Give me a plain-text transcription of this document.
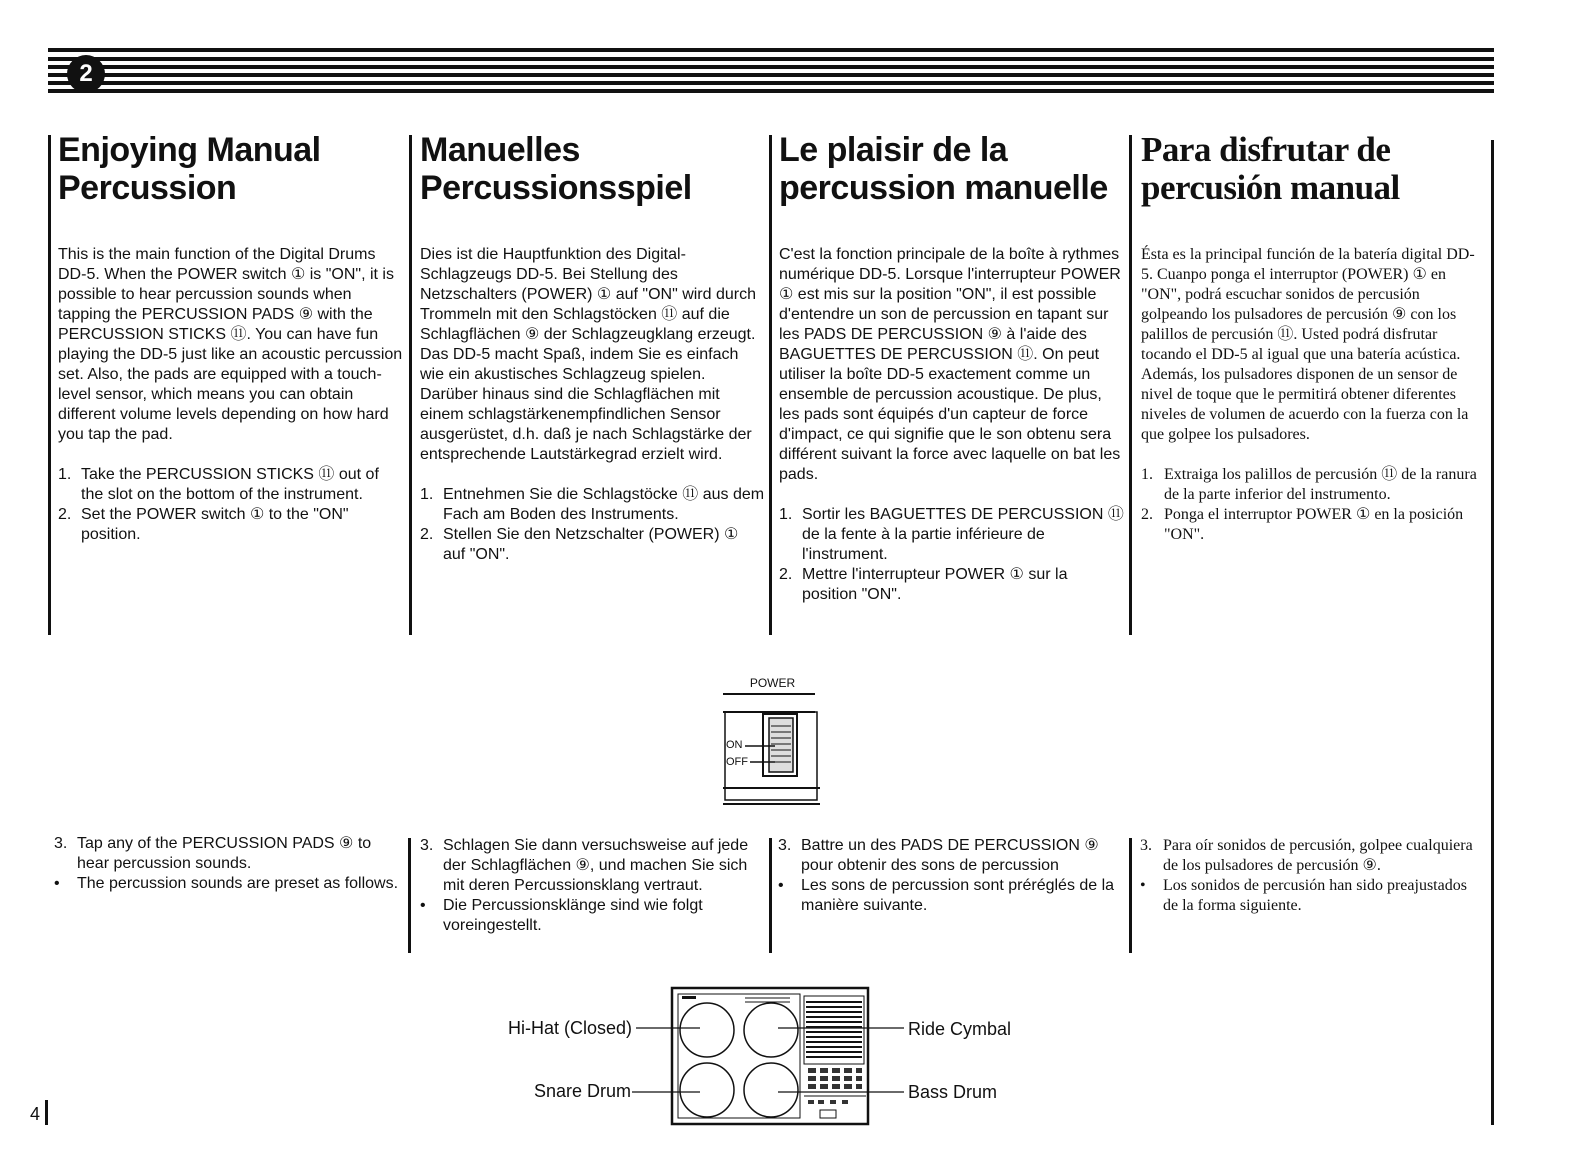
2
Enjoying Manual
Percussion

This is the main function of the Digital Drums DD-5. When the POWER switch ① is "ON", it is possible to hear percussion sounds when tapping the PERCUSSION PADS ⑨ with the PERCUSSION STICKS ⑪. You can have fun playing the DD-5 just like an acoustic percussion set. Also, the pads are equipped with a touch-level sensor, which means you can obtain different volume levels depending on how hard you tap the pad.

1. Take the PERCUSSION STICKS ⑪ out of the slot on the bottom of the instrument.
2. Set the POWER switch ① to the "ON" position.
Manuelles
Percussionsspiel

Dies ist die Hauptfunktion des Digital-Schlagzeugs DD-5. Bei Stellung des Netzschalters (POWER) ① auf "ON" wird durch Trommeln mit den Schlagstöcken ⑪ auf die Schlagflächen ⑨ der Schlagzeugklang erzeugt. Das DD-5 macht Spaß, indem Sie es einfach wie ein akustisches Schlagzeug spielen. Darüber hinaus sind die Schlagflächen mit einem schlagstärkenempfindlichen Sensor ausgerüstet, d.h. daß je nach Schlagstärke der entsprechende Lautstärkegrad erzielt wird.

1. Entnehmen Sie die Schlagstöcke ⑪ aus dem Fach am Boden des Instruments.
2. Stellen Sie den Netzschalter (POWER) ① auf "ON".
Le plaisir de la
percussion manuelle

C'est la fonction principale de la boîte à rythmes numérique DD-5. Lorsque l'interrupteur POWER ① est mis sur la position "ON", il est possible d'entendre un son de percussion en tapant sur les PADS DE PERCUSSION ⑨ à l'aide des BAGUETTES DE PERCUSSION ⑪. On peut utiliser la boîte DD-5 exactement comme un ensemble de percussion acoustique. De plus, les pads sont équipés d'un capteur de force d'impact, ce qui signifie que le son obtenu sera différent suivant la force avec laquelle on bat les pads.

1. Sortir les BAGUETTES DE PERCUSSION ⑪ de la fente à la partie inférieure de l'instrument.
2. Mettre l'interrupteur POWER ① sur la position "ON".
Para disfrutar de
percusión manual

Ésta es la principal función de la batería digital DD-5. Cuanpo ponga el interruptor (POWER) ① en "ON", podrá escuchar sonidos de percusión golpeando los pulsadores de percusión ⑨ con los palillos de percusión ⑪. Usted podrá disfrutar tocando el DD-5 al igual que una batería acústica. Además, los pulsadores disponen de un sensor de nivel de toque que le permitirá obtener diferentes niveles de volumen de acuerdo con la fuerza con la que golpee los pulsadores.

1. Extraiga los palillos de percusión ⑪ de la ranura de la parte inferior del instrumento.
2. Ponga el interruptor POWER ① en la posición "ON".
POWER
ON
OFF
3. Tap any of the PERCUSSION PADS ⑨ to hear percussion sounds.
• The percussion sounds are preset as follows.
3. Schlagen Sie dann versuchsweise auf jede der Schlagflächen ⑨, und machen Sie sich mit deren Percussionsklang vertraut.
• Die Percussionsklänge sind wie folgt voreingestellt.
3. Battre un des PADS DE PERCUSSION ⑨ pour obtenir des sons de percussion
• Les sons de percussion sont préréglés de la manière suivante.
3. Para oír sonidos de percusión, golpee cualquiera de los pulsadores de percusión ⑨.
• Los sonidos de percusión han sido preajustados de la forma siguiente.
Hi-Hat (Closed)
Snare Drum
Ride Cymbal
Bass Drum
4
